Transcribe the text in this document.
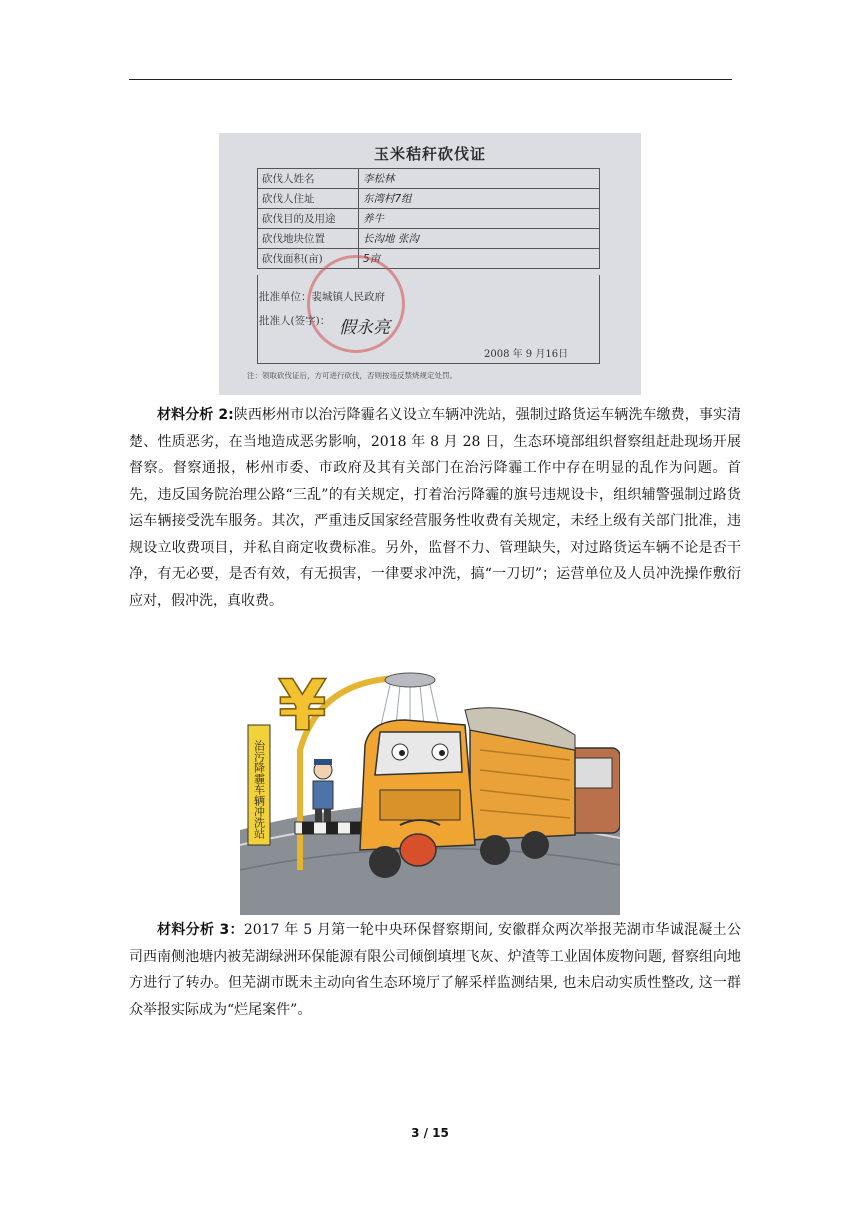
玉米秸秆砍伐证
砍伐人姓名	李松林
砍伐人住址	东湾村7组
砍伐目的及用途	养牛
砍伐地块位置	长沟地 张沟
砍伐面积(亩)	5亩
批准单位：裴城镇人民政府
批准人(签字)： 假永亮
2008 年 9 月16日
注：领取砍伐证后，方可进行砍伐，否则按违反禁烧规定处罚。

材料分析 2:陕西彬州市以治污降霾名义设立车辆冲洗站，强制过路货运车辆洗车缴费，事实清楚、性质恶劣，在当地造成恶劣影响，2018 年 8 月 28 日，生态环境部组织督察组赶赴现场开展督察。督察通报，彬州市委、市政府及其有关部门在治污降霾工作中存在明显的乱作为问题。首先，违反国务院治理公路“三乱”的有关规定，打着治污降霾的旗号违规设卡，组织辅警强制过路货运车辆接受洗车服务。其次，严重违反国家经营服务性收费有关规定，未经上级有关部门批准，违规设立收费项目，并私自商定收费标准。另外，监督不力、管理缺失，对过路货运车辆不论是否干净，有无必要，是否有效，有无损害，一律要求冲洗，搞“一刀切”；运营单位及人员冲洗操作敷衍应对，假冲洗，真收费。

¥
治污降霾车辆冲洗站

材料分析 3：2017 年 5 月第一轮中央环保督察期间, 安徽群众两次举报芜湖市华诚混凝土公司西南侧池塘内被芜湖绿洲环保能源有限公司倾倒填埋飞灰、炉渣等工业固体废物问题, 督察组向地方进行了转办。但芜湖市既未主动向省生态环境厅了解采样监测结果, 也未启动实质性整改, 这一群众举报实际成为“烂尾案件”。

3 / 15
